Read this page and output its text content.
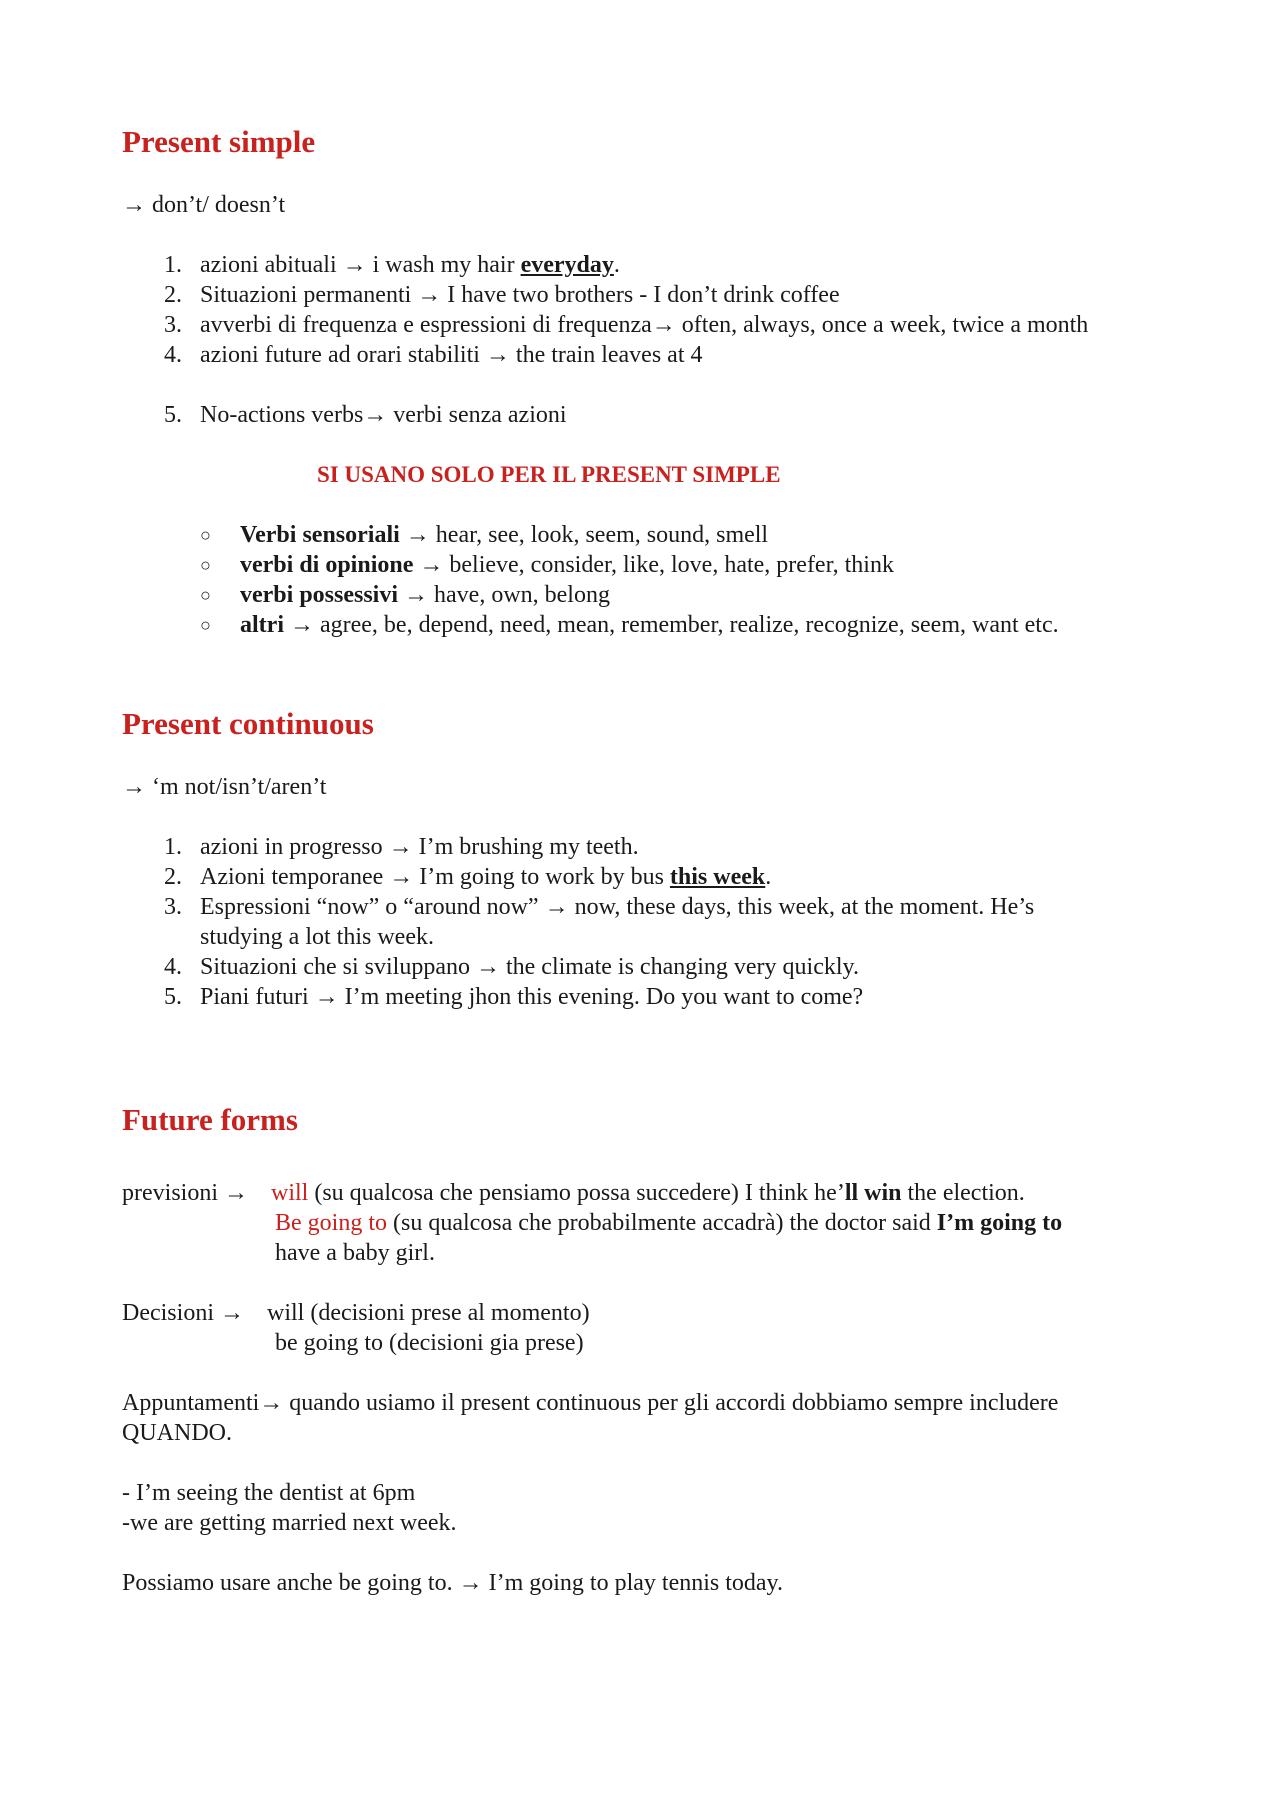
Present simple
→ don’t/ doesn’t
1. azioni abituali → i wash my hair everyday.
2. Situazioni permanenti → I have two brothers - I don’t drink coffee
3. avverbi di frequenza e espressioni di frequenza→ often, always, once a week, twice a month
4. azioni future ad orari stabiliti → the train leaves at 4
5. No-actions verbs→ verbi senza azioni
SI USANO SOLO PER IL PRESENT SIMPLE
○ Verbi sensoriali → hear, see, look, seem, sound, smell
○ verbi di opinione → believe, consider, like, love, hate, prefer, think
○ verbi possessivi → have, own, belong
○ altri → agree, be, depend, need, mean, remember, realize, recognize, seem, want etc.
Present continuous
→ ‘m not/isn’t/aren’t
1. azioni in progresso → I’m brushing my teeth.
2. Azioni temporanee → I’m going to work by bus this week.
3. Espressioni “now” o “around now” → now, these days, this week, at the moment. He’s
studying a lot this week.
4. Situazioni che si sviluppano → the climate is changing very quickly.
5. Piani futuri → I’m meeting jhon this evening. Do you want to come?
Future forms
previsioni → will (su qualcosa che pensiamo possa succedere) I think he’ll win the election.
Be going to (su qualcosa che probabilmente accadrà) the doctor said I’m going to
have a baby girl.
Decisioni → will (decisioni prese al momento)
be going to (decisioni gia prese)
Appuntamenti→ quando usiamo il present continuous per gli accordi dobbiamo sempre includere
QUANDO.
- I’m seeing the dentist at 6pm
-we are getting married next week.
Possiamo usare anche be going to. → I’m going to play tennis today.
